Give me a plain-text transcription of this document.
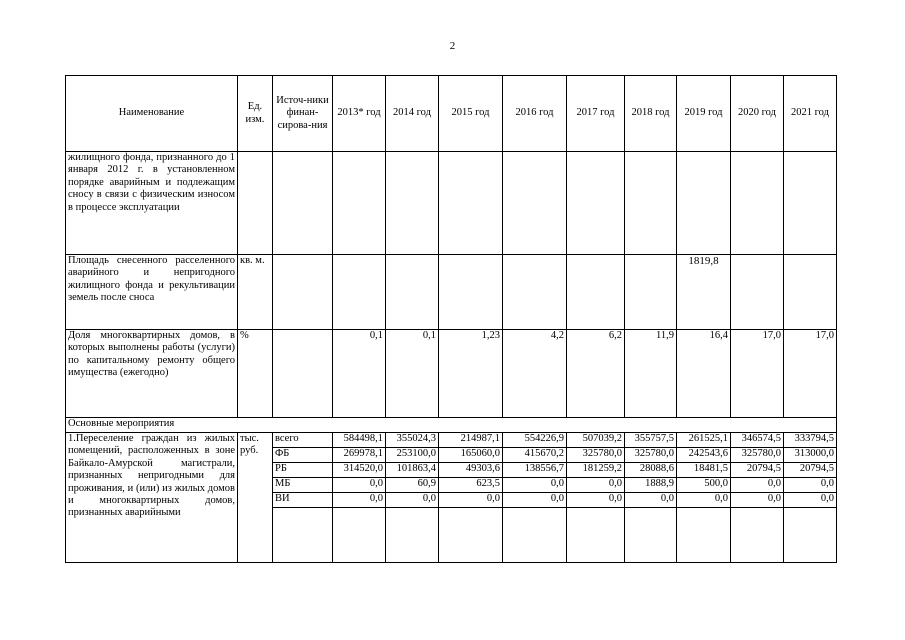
2
Наименование	Ед. изм.	Источ-ники финан-сирова-ния	2013* год	2014 год	2015 год	2016 год	2017 год	2018 год	2019 год	2020 год	2021 год
жилищного фонда, признанного до 1 января 2012 г. в установленном порядке аварийным и подлежащим сносу в связи с физическим износом в процессе эксплуатации											
Площадь снесенного расселенного аварийного и непригодного жилищного фонда и рекультивации земель после сноса	кв. м.								1819,8		
Доля многоквартирных домов, в которых выполнены работы (услуги) по капитальному ремонту общего имущества (ежегодно)	%		0,1	0,1	1,23	4,2	6,2	11,9	16,4	17,0	17,0
Основные мероприятия											
1.Переселение граждан из жилых помещений, расположенных в зоне Байкало-Амурской магистрали, признанных непригодными для проживания, и (или) из жилых домов и многоквартирных домов, признанных аварийными	тыс. руб.	всего	584498,1	355024,3	214987,1	554226,9	507039,2	355757,5	261525,1	346574,5	333794,5
		ФБ	269978,1	253100,0	165060,0	415670,2	325780,0	325780,0	242543,6	325780,0	313000,0
		РБ	314520,0	101863,4	49303,6	138556,7	181259,2	28088,6	18481,5	20794,5	20794,5
		МБ	0,0	60,9	623,5	0,0	0,0	1888,9	500,0	0,0	0,0
		ВИ	0,0	0,0	0,0	0,0	0,0	0,0	0,0	0,0	0,0
